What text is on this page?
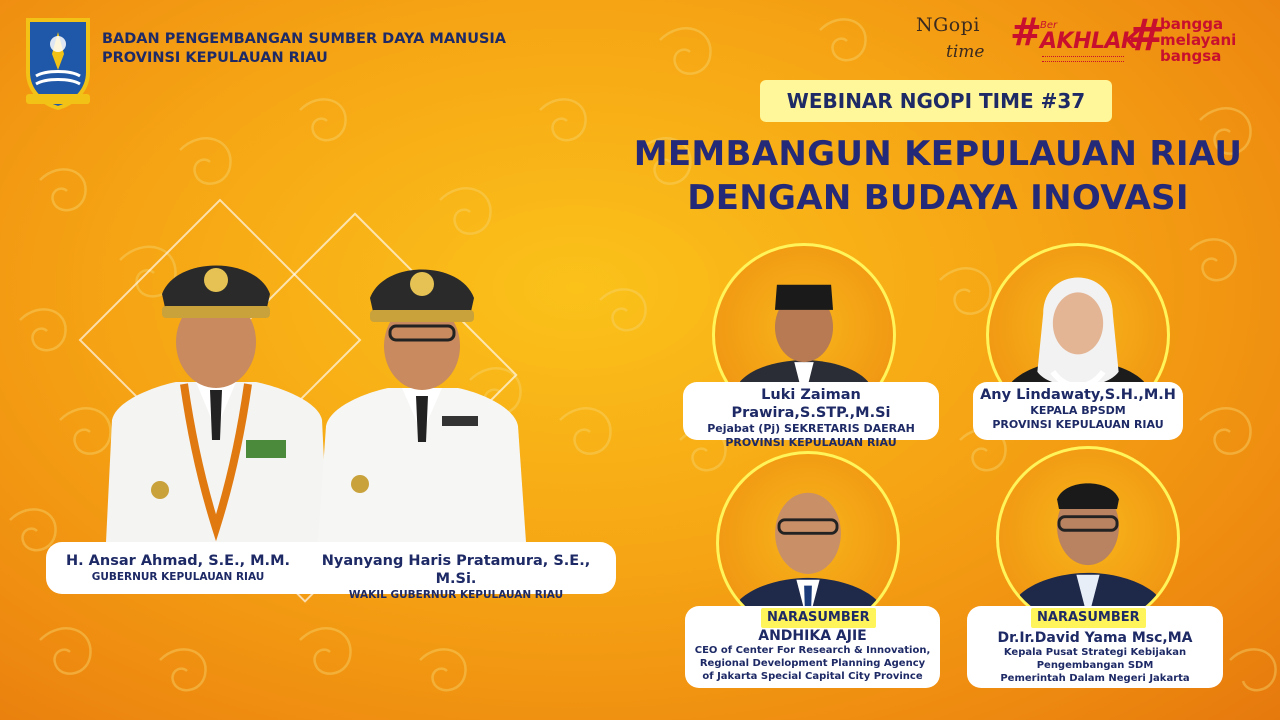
BADAN PENGEMBANGAN SUMBER DAYA MANUSIA
PROVINSI KEPULAUAN RIAU
NGopi
time #
Ber
AKHLAK
#
bangga
melayani
bangsa
WEBINAR NGOPI TIME #37
MEMBANGUN KEPULAUAN RIAU
DENGAN BUDAYA INOVASI
H. Ansar Ahmad, S.E., M.M.
GUBERNUR KEPULAUAN RIAU
Nyanyang Haris Pratamura, S.E., M.Si.
WAKIL GUBERNUR KEPULAUAN RIAU
Luki Zaiman Prawira,S.STP.,M.Si
Pejabat (Pj) SEKRETARIS DAERAH
PROVINSI KEPULAUAN RIAU
Any Lindawaty,S.H.,M.H
KEPALA BPSDM
PROVINSI KEPULAUAN RIAU
NARASUMBER
ANDHIKA AJIE
CEO of Center For Research & Innovation,
Regional Development Planning Agency
of Jakarta Special Capital City Province
NARASUMBER
Dr.Ir.David Yama Msc,MA
Kepala Pusat Strategi Kebijakan
Pengembangan SDM
Pemerintah Dalam Negeri Jakarta
